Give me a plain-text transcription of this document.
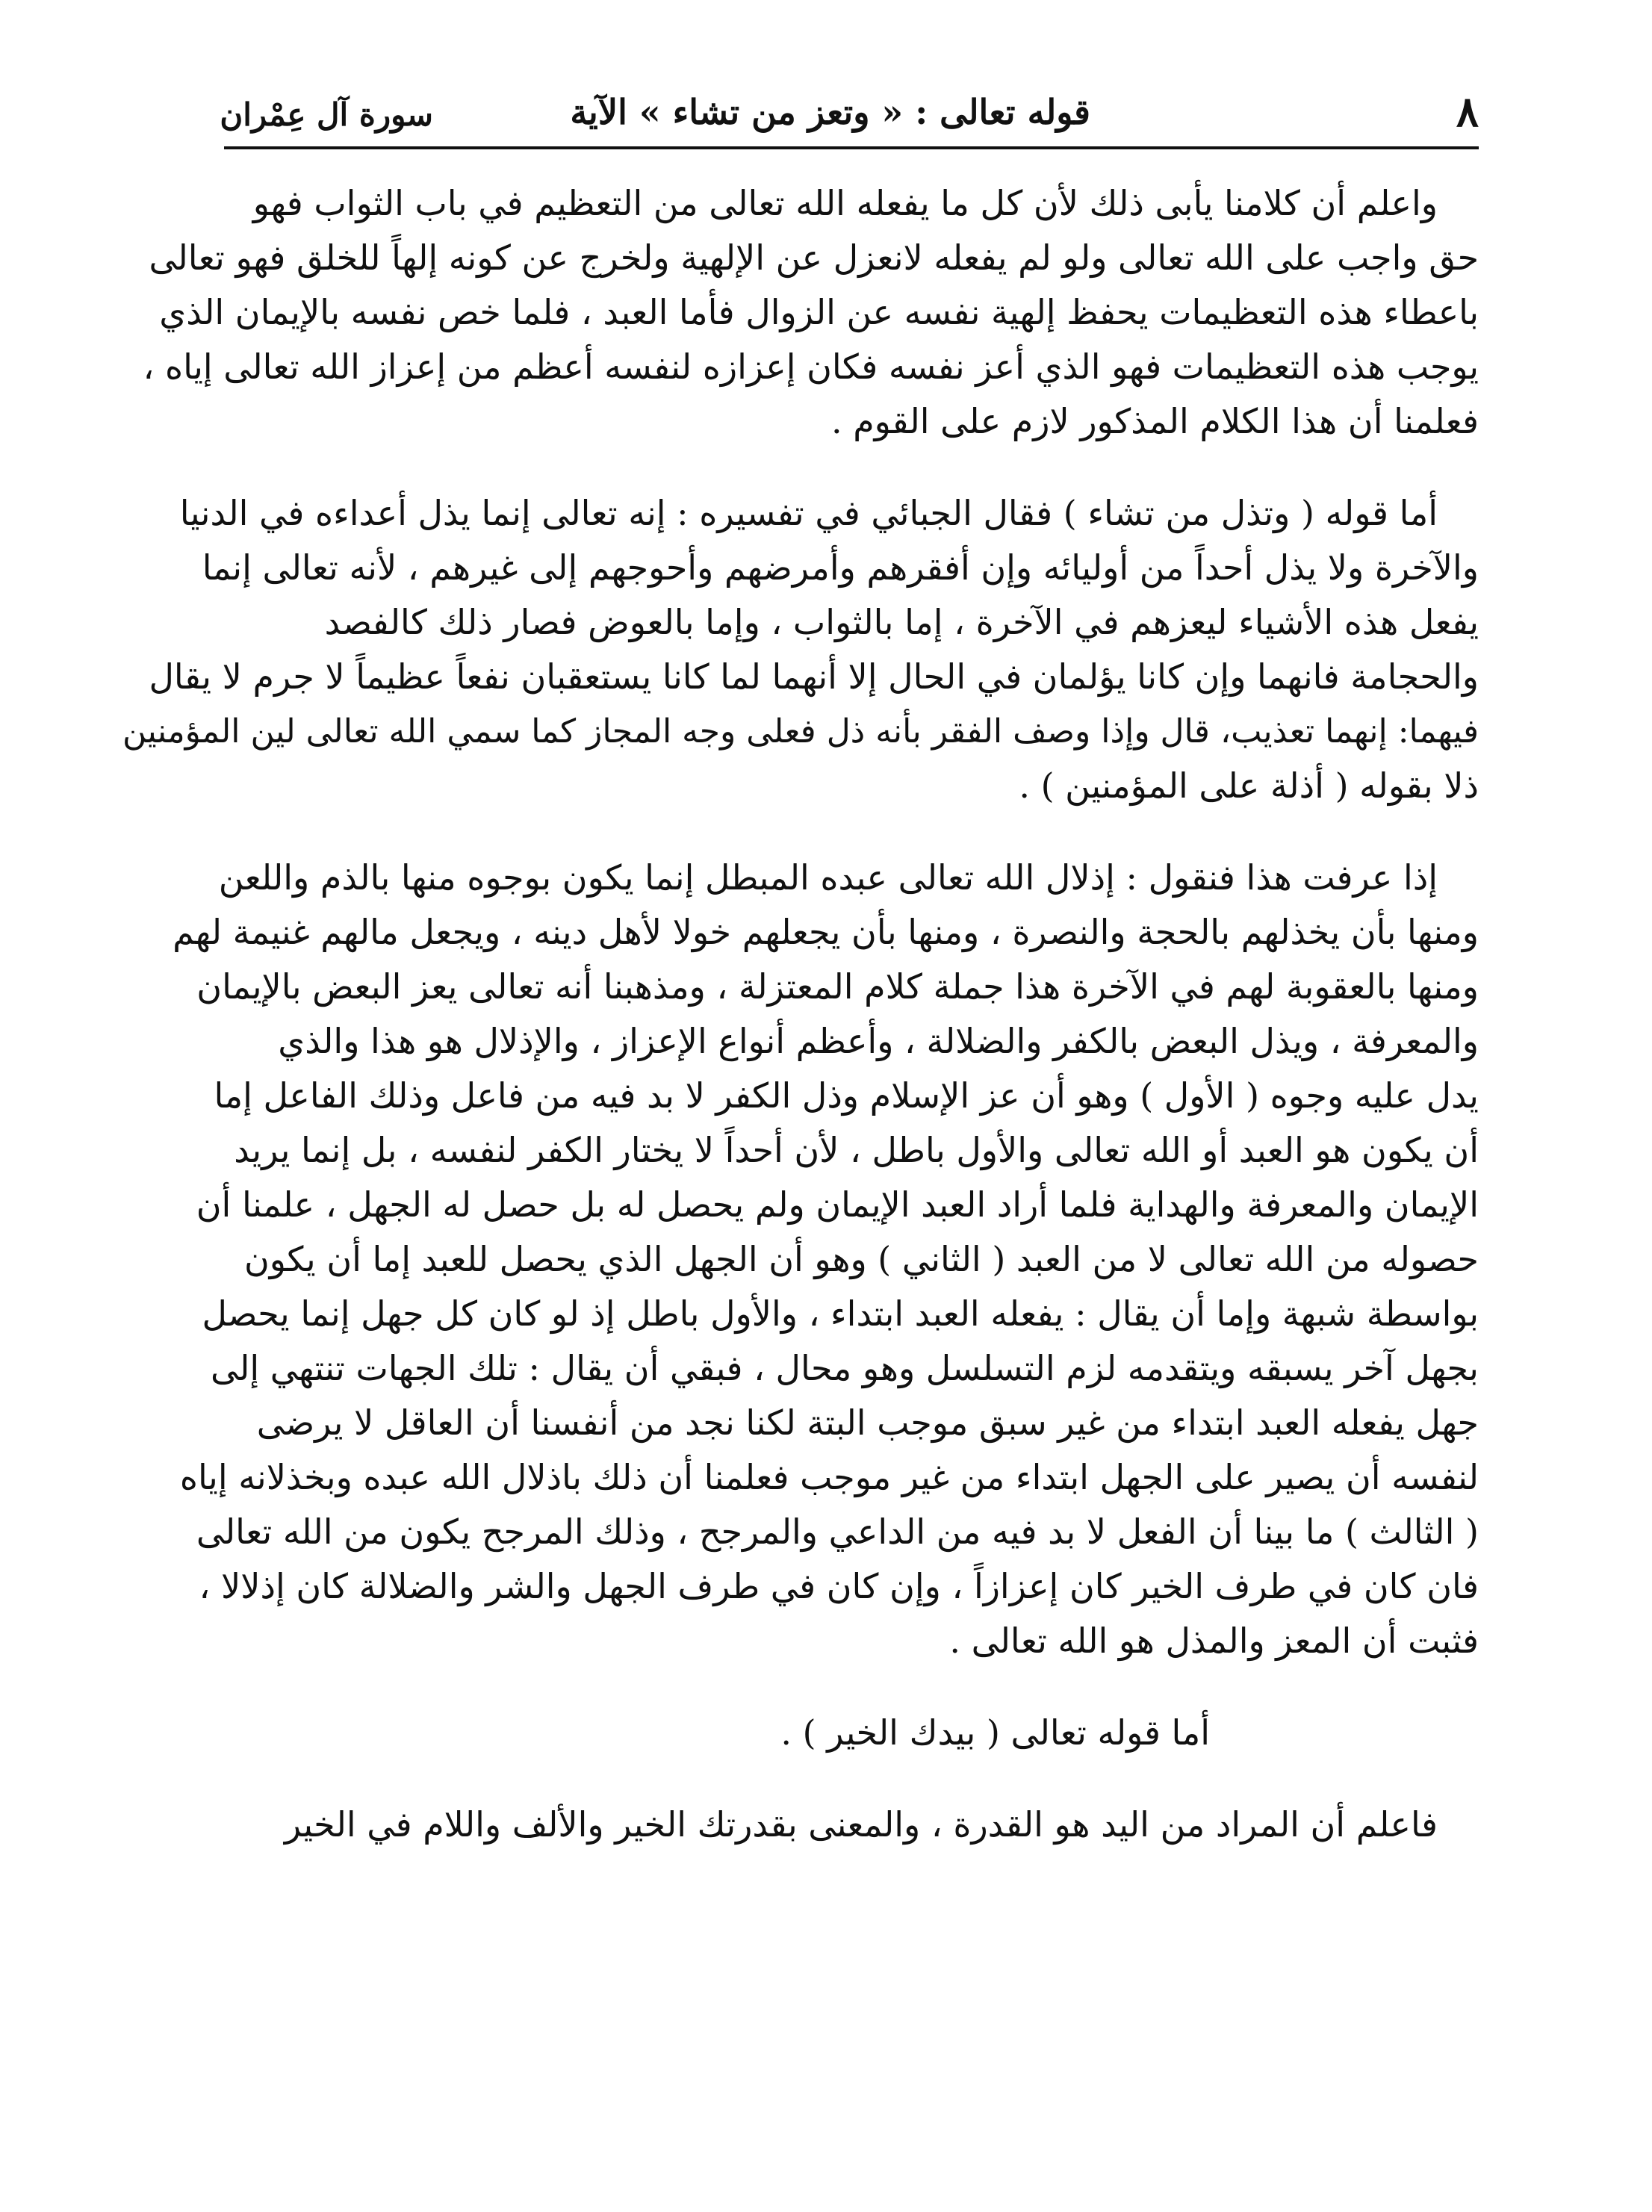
٨
قوله تعالى : « وتعز من تشاء » الآية
سورة آل عِمْران
واعلم أن كلامنا يأبى ذلك لأن كل ما يفعله الله تعالى من التعظيم في باب الثواب فهو
حق واجب على الله تعالى ولو لم يفعله لانعزل عن الإلهية ولخرج عن كونه إلهاً للخلق فهو تعالى
باعطاء هذه التعظيمات يحفظ إلهية نفسه عن الزوال فأما العبد ، فلما خص نفسه بالإيمان الذي
يوجب هذه التعظيمات فهو الذي أعز نفسه فكان إعزازه لنفسه أعظم من إعزاز الله تعالى إياه ،
فعلمنا أن هذا الكلام المذكور لازم على القوم .
أما قوله ( وتذل من تشاء ) فقال الجبائي في تفسيره : إنه تعالى إنما يذل أعداءه في الدنيا
والآخرة ولا يذل أحداً من أوليائه وإن أفقرهم وأمرضهم وأحوجهم إلى غيرهم ، لأنه تعالى إنما
يفعل هذه الأشياء ليعزهم في الآخرة ، إما بالثواب ، وإما بالعوض فصار ذلك كالفصد
والحجامة فانهما وإن كانا يؤلمان في الحال إلا أنهما لما كانا يستعقبان نفعاً عظيماً لا جرم لا يقال
فيهما: إنهما تعذيب، قال وإذا وصف الفقر بأنه ذل فعلى وجه المجاز كما سمي الله تعالى لين المؤمنين
ذلا بقوله ( أذلة على المؤمنين ) .
إذا عرفت هذا فنقول : إذلال الله تعالى عبده المبطل إنما يكون بوجوه منها بالذم واللعن
ومنها بأن يخذلهم بالحجة والنصرة ، ومنها بأن يجعلهم خولا لأهل دينه ، ويجعل مالهم غنيمة لهم
ومنها بالعقوبة لهم في الآخرة هذا جملة كلام المعتزلة ، ومذهبنا أنه تعالى يعز البعض بالإيمان
والمعرفة ، ويذل البعض بالكفر والضلالة ، وأعظم أنواع الإعزاز ، والإذلال هو هذا والذي
يدل عليه وجوه ( الأول ) وهو أن عز الإسلام وذل الكفر لا بد فيه من فاعل وذلك الفاعل إما
أن يكون هو العبد أو الله تعالى والأول باطل ، لأن أحداً لا يختار الكفر لنفسه ، بل إنما يريد
الإيمان والمعرفة والهداية فلما أراد العبد الإيمان ولم يحصل له بل حصل له الجهل ، علمنا أن
حصوله من الله تعالى لا من العبد ( الثاني ) وهو أن الجهل الذي يحصل للعبد إما أن يكون
بواسطة شبهة وإما أن يقال : يفعله العبد ابتداء ، والأول باطل إذ لو كان كل جهل إنما يحصل
بجهل آخر يسبقه ويتقدمه لزم التسلسل وهو محال ، فبقي أن يقال : تلك الجهات تنتهي إلى
جهل يفعله العبد ابتداء من غير سبق موجب البتة لكنا نجد من أنفسنا أن العاقل لا يرضى
لنفسه أن يصير على الجهل ابتداء من غير موجب فعلمنا أن ذلك باذلال الله عبده وبخذلانه إياه
( الثالث ) ما بينا أن الفعل لا بد فيه من الداعي والمرجح ، وذلك المرجح يكون من الله تعالى
فان كان في طرف الخير كان إعزازاً ، وإن كان في طرف الجهل والشر والضلالة كان إذلالا ،
فثبت أن المعز والمذل هو الله تعالى .
أما قوله تعالى ( بيدك الخير ) .
فاعلم أن المراد من اليد هو القدرة ، والمعنى بقدرتك الخير والألف واللام في الخير
